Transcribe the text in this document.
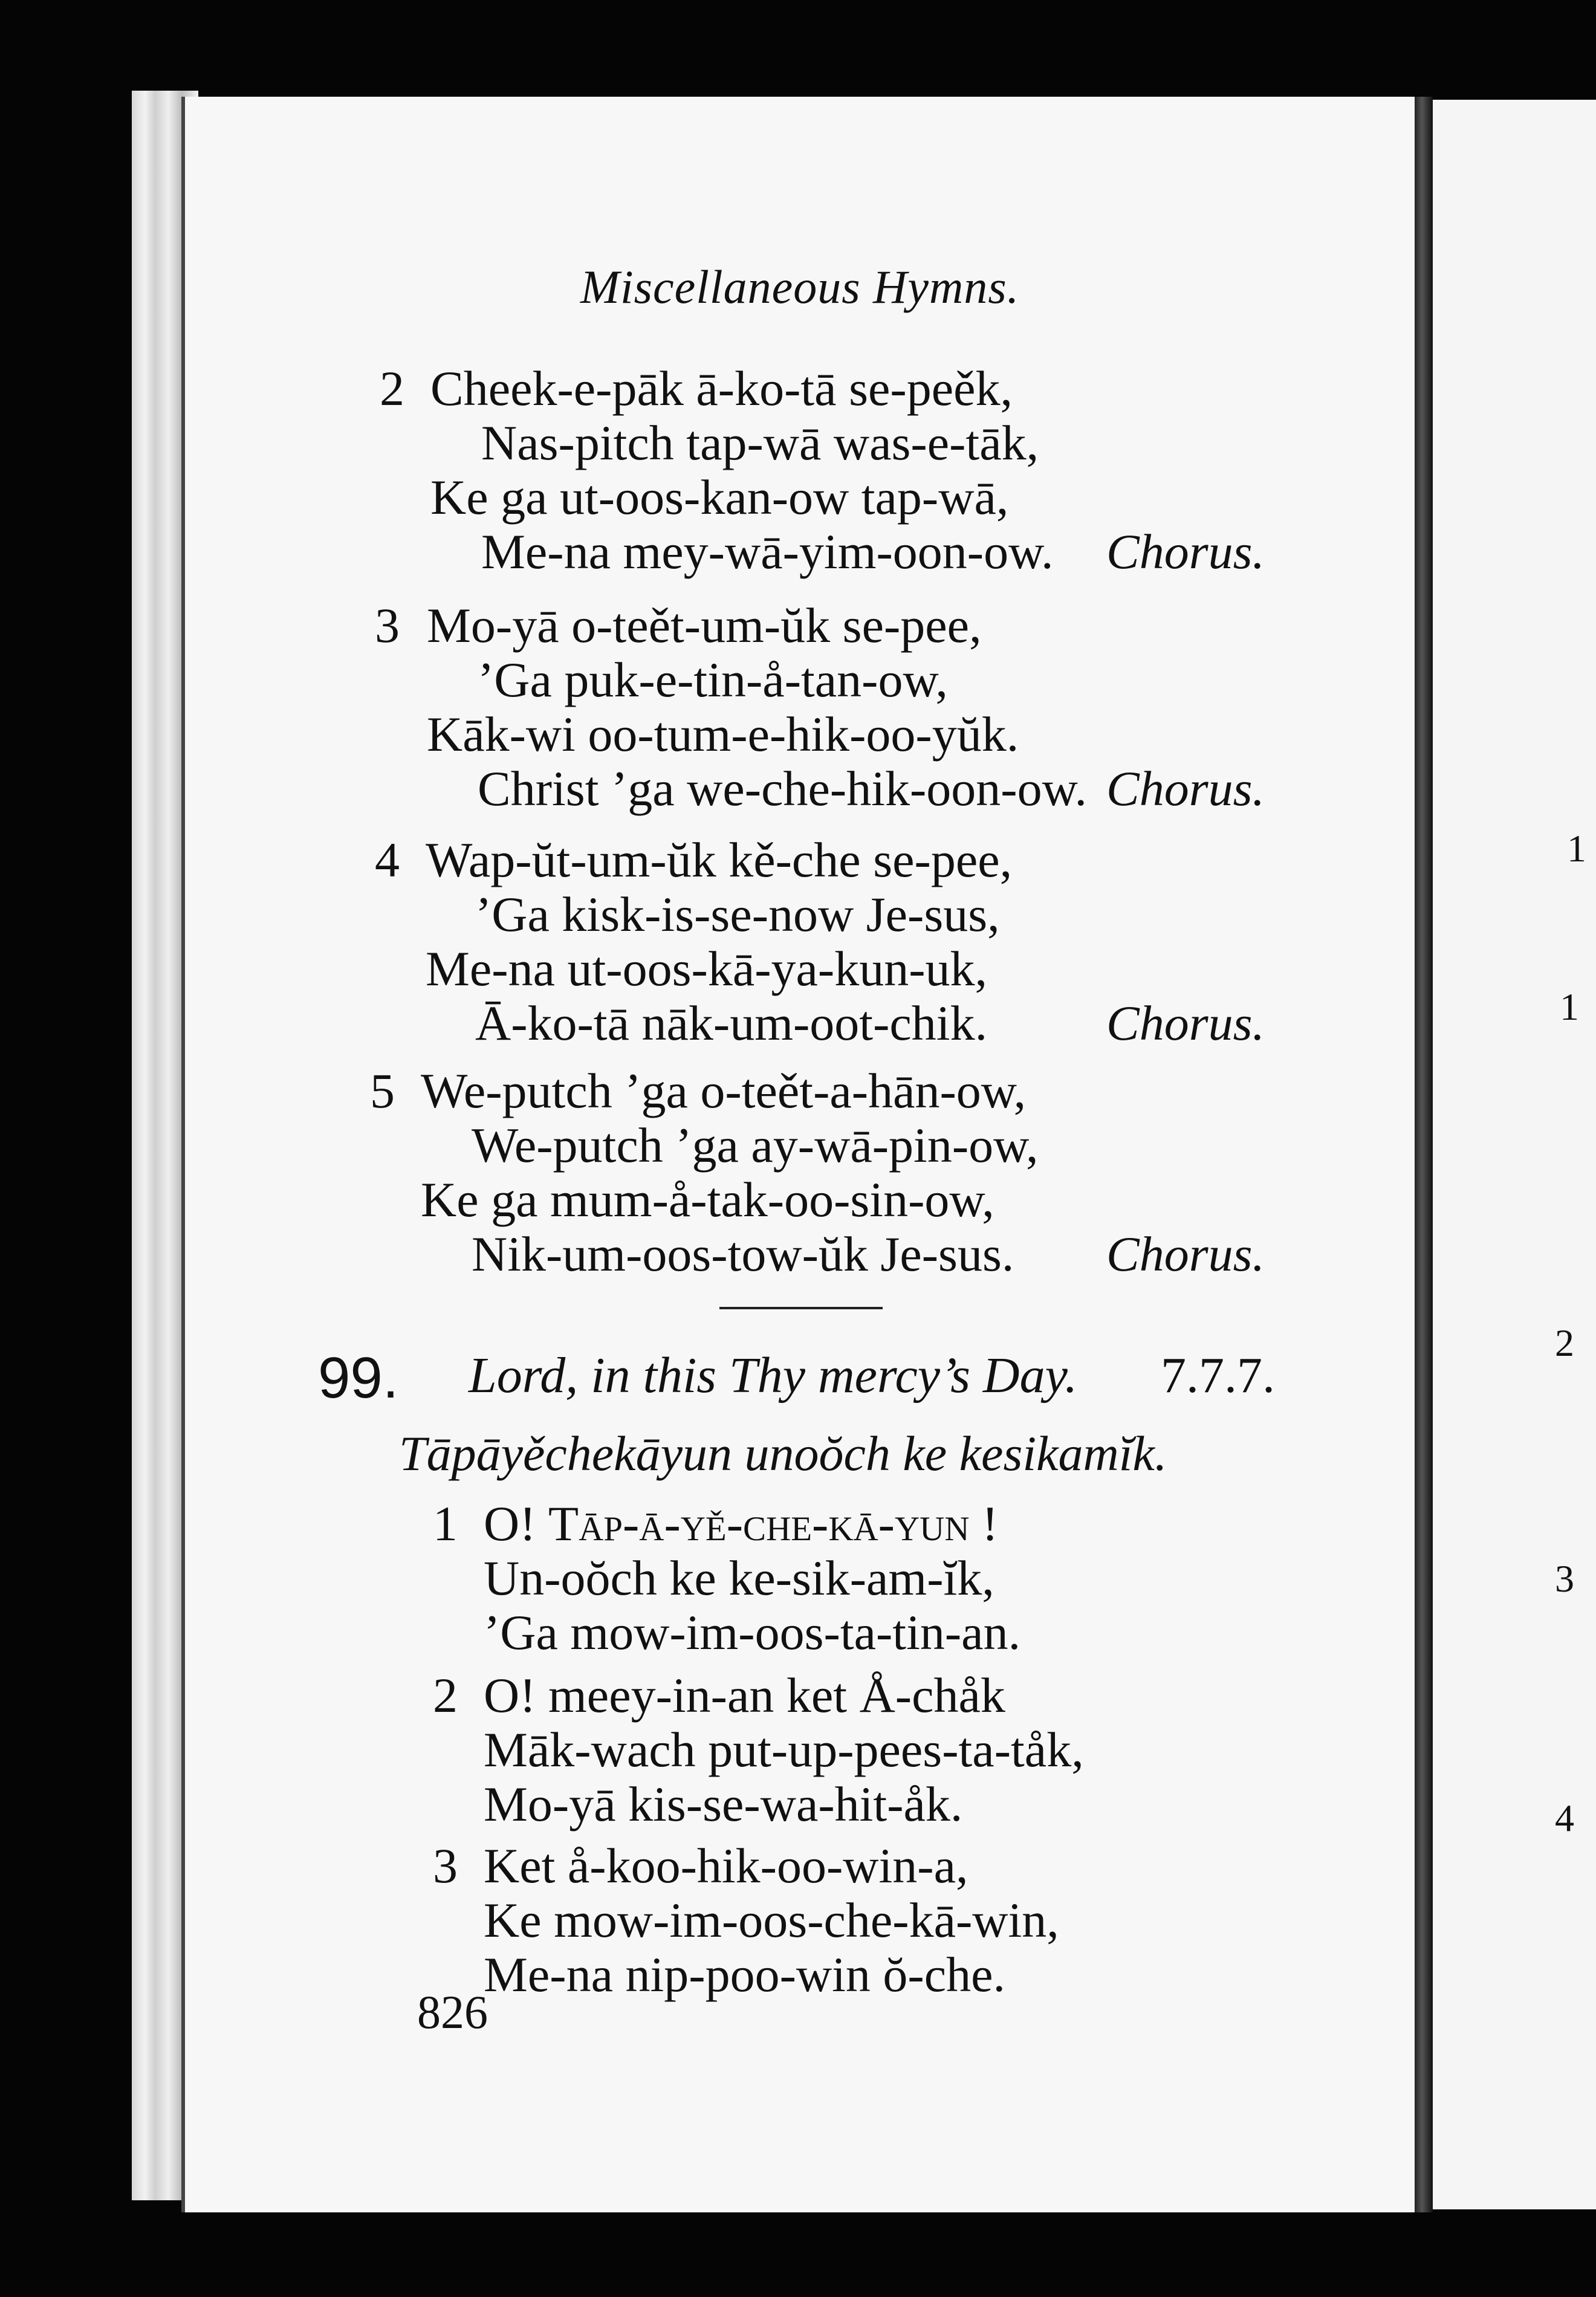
1
1
2
3
4
Miscellaneous Hymns.
2 Cheek-e-pāk ā-ko-tā se-peěk,
Nas-pitch tap-wā was-e-tāk,
Ke ga ut-oos-kan-ow tap-wā,
Me-na mey-wā-yim-oon-ow. Chorus.
3 Mo-yā o-teět-um-ŭk se-pee,
’Ga puk-e-tin-å-tan-ow,
Kāk-wi oo-tum-e-hik-oo-yŭk.
Christ ’ga we-che-hik-oon-ow. Chorus.
4 Wap-ŭt-um-ŭk kě-che se-pee,
’Ga kisk-is-se-now Je-sus,
Me-na ut-oos-kā-ya-kun-uk,
Ā-ko-tā nāk-um-oot-chik. Chorus.
5 We-putch ’ga o-teět-a-hān-ow,
We-putch ’ga ay-wā-pin-ow,
Ke ga mum-å-tak-oo-sin-ow,
Nik-um-oos-tow-ŭk Je-sus. Chorus.
99. Lord, in this Thy mercy’s Day. 7.7.7.
Tāpāyěchekāyun unoŏch ke kesikamĭk.
1 O! Tāp-ā-yě-che-kā-yun !
Un-oŏch ke ke-sik-am-ĭk,
’Ga mow-im-oos-ta-tin-an.
2 O! meey-in-an ket Å-chåk
Māk-wach put-up-pees-ta-tåk,
Mo-yā kis-se-wa-hit-åk.
3 Ket å-koo-hik-oo-win-a,
Ke mow-im-oos-che-kā-win,
Me-na nip-poo-win ŏ-che.
826
